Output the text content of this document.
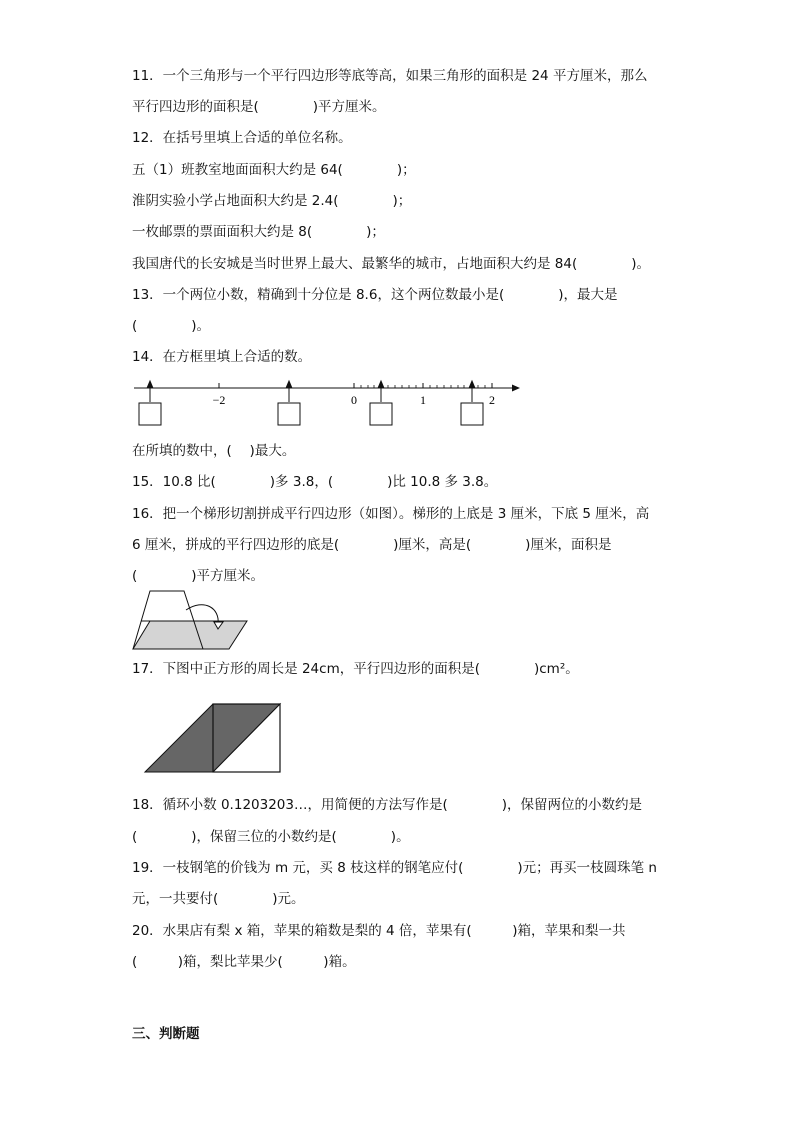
11．一个三角形与一个平行四边形等底等高，如果三角形的面积是 24 平方厘米，那么
平行四边形的面积是(　　　　)平方厘米。
12．在括号里填上合适的单位名称。
五（1）班教室地面面积大约是 64(　　　　)；
淮阴实验小学占地面积大约是 2.4(　　　　)；
一枚邮票的票面面积大约是 8(　　　　)；
我国唐代的长安城是当时世界上最大、最繁华的城市，占地面积大约是 84(　　　　)。
13．一个两位小数，精确到十分位是 8.6，这个两位数最小是(　　　　)，最大是
(　　　　)。
14．在方框里填上合适的数。
−2	0	1	2
在所填的数中，(　 )最大。
15．10.8 比(　　　　)多 3.8，(　　　　)比 10.8 多 3.8。
16．把一个梯形切割拼成平行四边形（如图）。梯形的上底是 3 厘米，下底 5 厘米，高
6 厘米，拼成的平行四边形的底是(　　　　)厘米，高是(　　　　)厘米，面积是
(　　　　)平方厘米。
17．下图中正方形的周长是 24cm，平行四边形的面积是(　　　　)cm²。
18．循环小数 0.1203203…，用简便的方法写作是(　　　　)，保留两位的小数约是
(　　　　)，保留三位的小数约是(　　　　)。
19．一枝钢笔的价钱为 m 元，买 8 枝这样的钢笔应付(　　　　)元；再买一枝圆珠笔 n
元，一共要付(　　　　)元。
20．水果店有梨 x 箱，苹果的箱数是梨的 4 倍，苹果有(　　　)箱，苹果和梨一共
(　　　)箱，梨比苹果少(　　　)箱。
三、判断题
